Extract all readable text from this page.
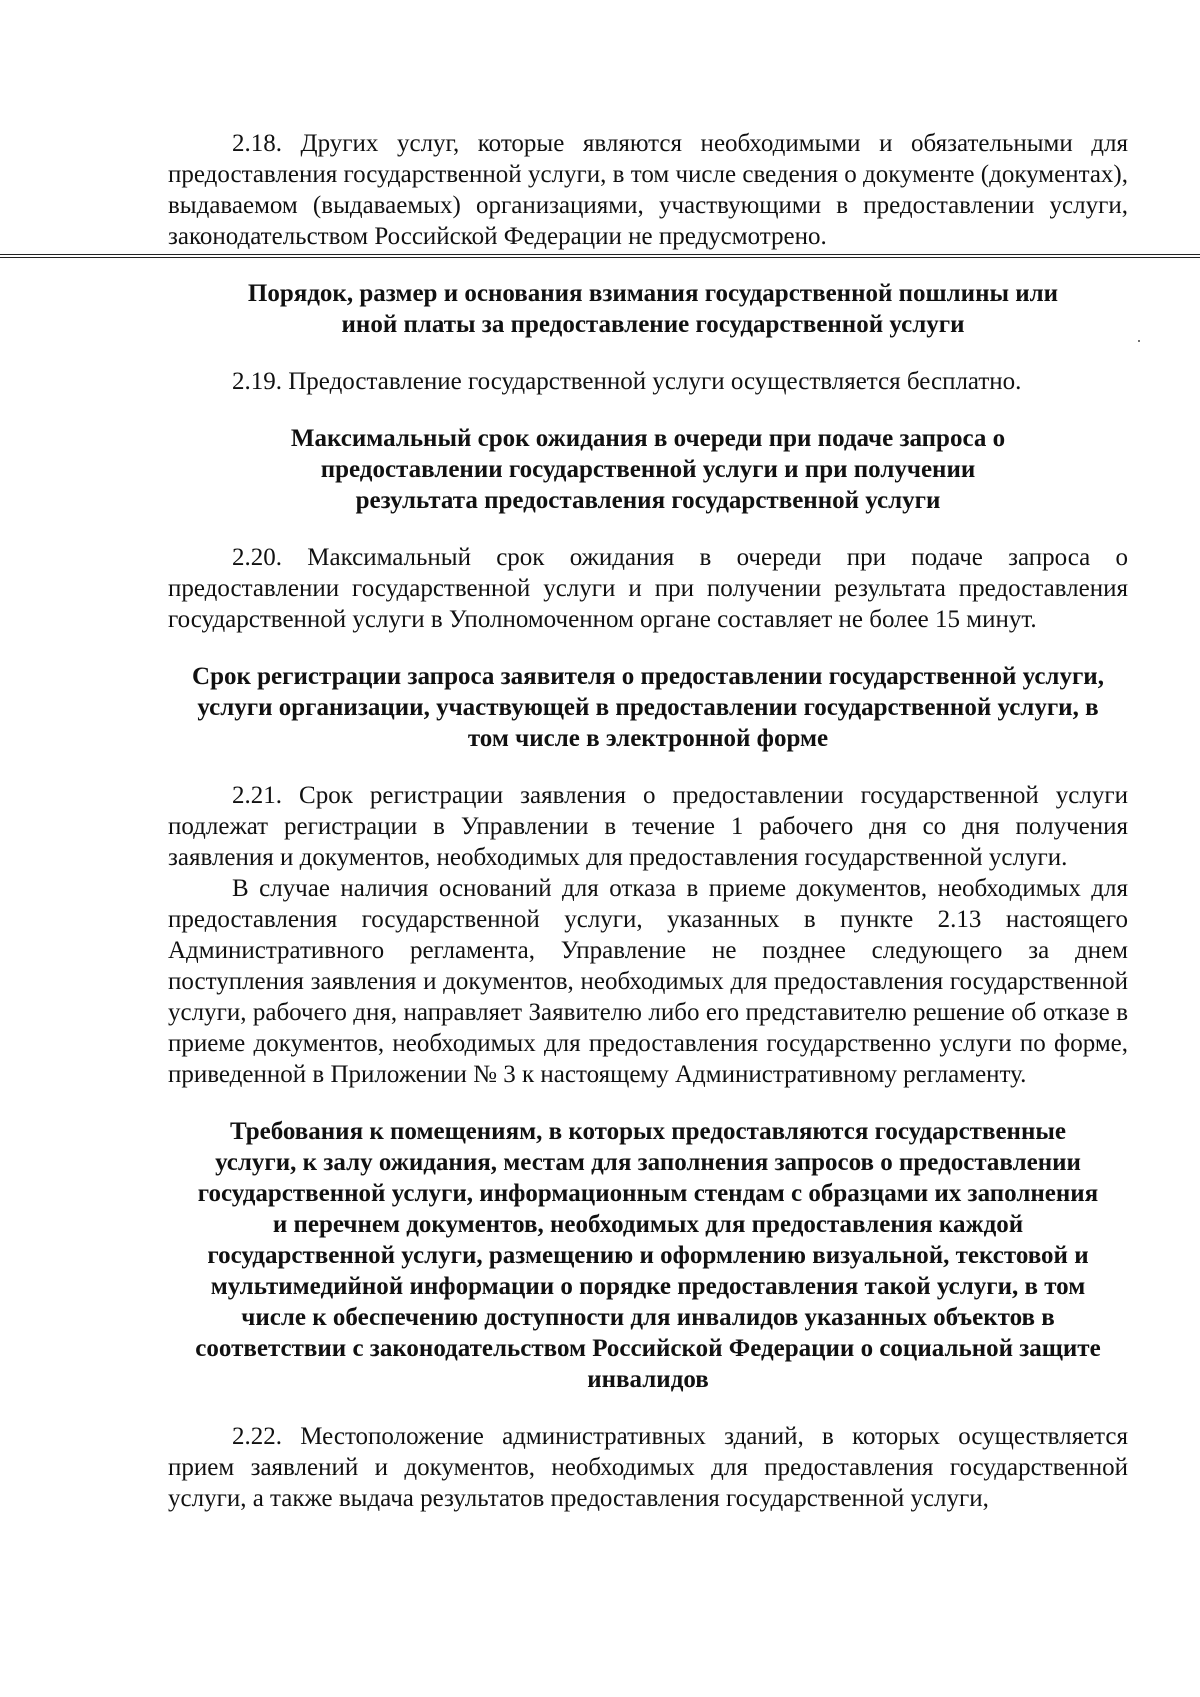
2.18. Других услуг, которые являются необходимыми и обязательными для предоставления государственной услуги, в том числе сведения о документе (документах), выдаваемом (выдаваемых) организациями, участвующими в предоставлении услуги, законодательством Российской Федерации не предусмотрено.

Порядок, размер и основания взимания государственной пошлины или иной платы за предоставление государственной услуги

2.19. Предоставление государственной услуги осуществляется бесплатно.

Максимальный срок ожидания в очереди при подаче запроса о предоставлении государственной услуги и при получении результата предоставления государственной услуги

2.20. Максимальный срок ожидания в очереди при подаче запроса о предоставлении государственной услуги и при получении результата предоставления государственной услуги в Уполномоченном органе составляет не более 15 минут.

Срок регистрации запроса заявителя о предоставлении государственной услуги, услуги организации, участвующей в предоставлении государственной услуги, в том числе в электронной форме

2.21. Срок регистрации заявления о предоставлении государственной услуги подлежат регистрации в Управлении в течение 1 рабочего дня со дня получения заявления и документов, необходимых для предоставления государственной услуги.

В случае наличия оснований для отказа в приеме документов, необходимых для предоставления государственной услуги, указанных в пункте 2.13 настоящего Административного регламента, Управление не позднее следующего за днем поступления заявления и документов, необходимых для предоставления государственной услуги, рабочего дня, направляет Заявителю либо его представителю решение об отказе в приеме документов, необходимых для предоставления государственно услуги по форме, приведенной в Приложении № 3 к настоящему Административному регламенту.

Требования к помещениям, в которых предоставляются государственные услуги, к залу ожидания, местам для заполнения запросов о предоставлении государственной услуги, информационным стендам с образцами их заполнения и перечнем документов, необходимых для предоставления каждой государственной услуги, размещению и оформлению визуальной, текстовой и мультимедийной информации о порядке предоставления такой услуги, в том числе к обеспечению доступности для инвалидов указанных объектов в соответствии с законодательством Российской Федерации о социальной защите инвалидов

2.22. Местоположение административных зданий, в которых осуществляется прием заявлений и документов, необходимых для предоставления государственной услуги, а также выдача результатов предоставления государственной услуги,
